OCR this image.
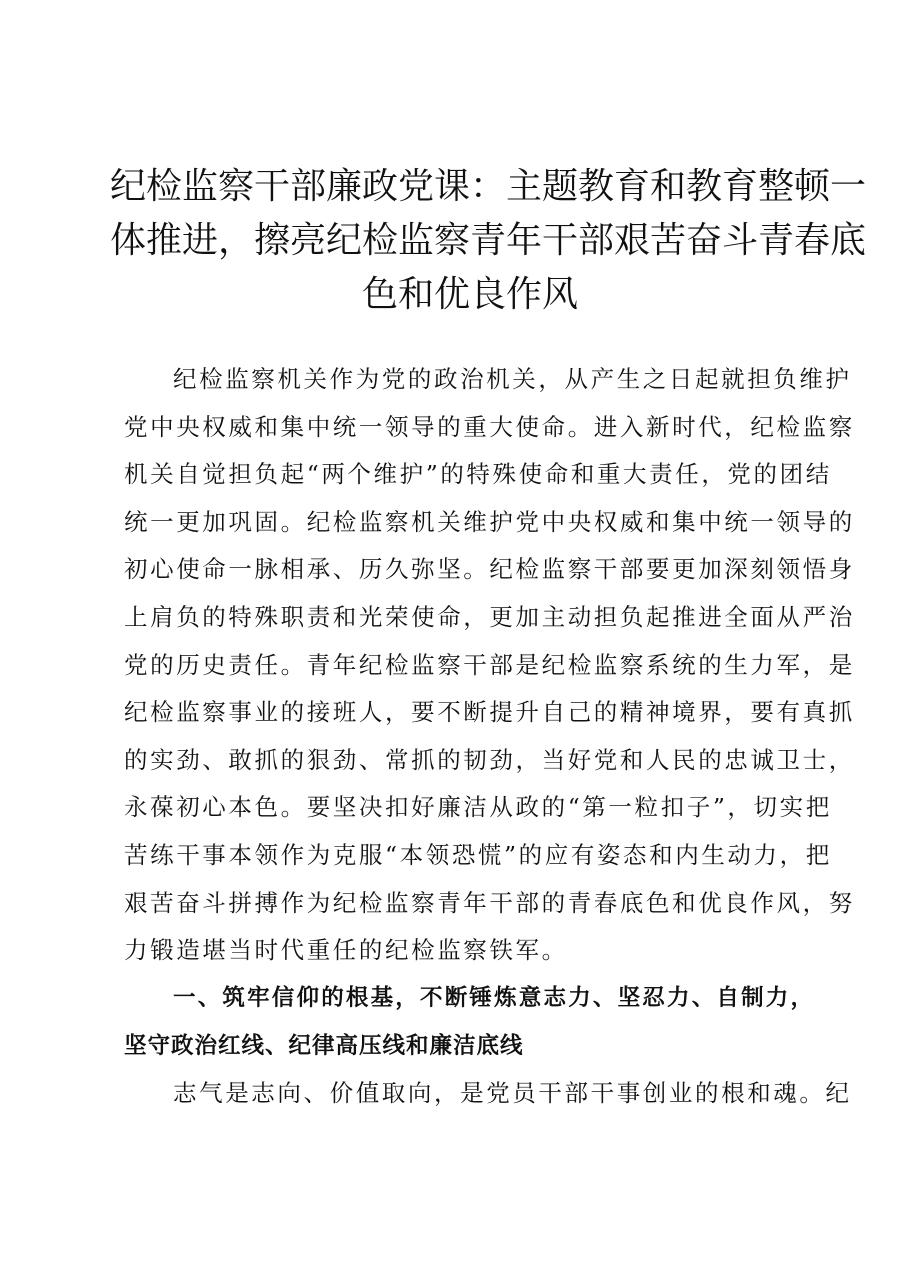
纪检监察干部廉政党课：主题教育和教育整顿一
体推进，擦亮纪检监察青年干部艰苦奋斗青春底
色和优良作风
纪检监察机关作为党的政治机关，从产生之日起就担负维护
党中央权威和集中统一领导的重大使命。进入新时代，纪检监察
机关自觉担负起“两个维护”的特殊使命和重大责任，党的团结
统一更加巩固。纪检监察机关维护党中央权威和集中统一领导的
初心使命一脉相承、历久弥坚。纪检监察干部要更加深刻领悟身
上肩负的特殊职责和光荣使命，更加主动担负起推进全面从严治
党的历史责任。青年纪检监察干部是纪检监察系统的生力军，是
纪检监察事业的接班人，要不断提升自己的精神境界，要有真抓
的实劲、敢抓的狠劲、常抓的韧劲，当好党和人民的忠诚卫士，
永葆初心本色。要坚决扣好廉洁从政的“第一粒扣子”，切实把
苦练干事本领作为克服“本领恐慌”的应有姿态和内生动力，把
艰苦奋斗拼搏作为纪检监察青年干部的青春底色和优良作风，努
力锻造堪当时代重任的纪检监察铁军。
一、筑牢信仰的根基，不断锤炼意志力、坚忍力、自制力，
坚守政治红线、纪律高压线和廉洁底线
志气是志向、价值取向，是党员干部干事创业的根和魂。纪
